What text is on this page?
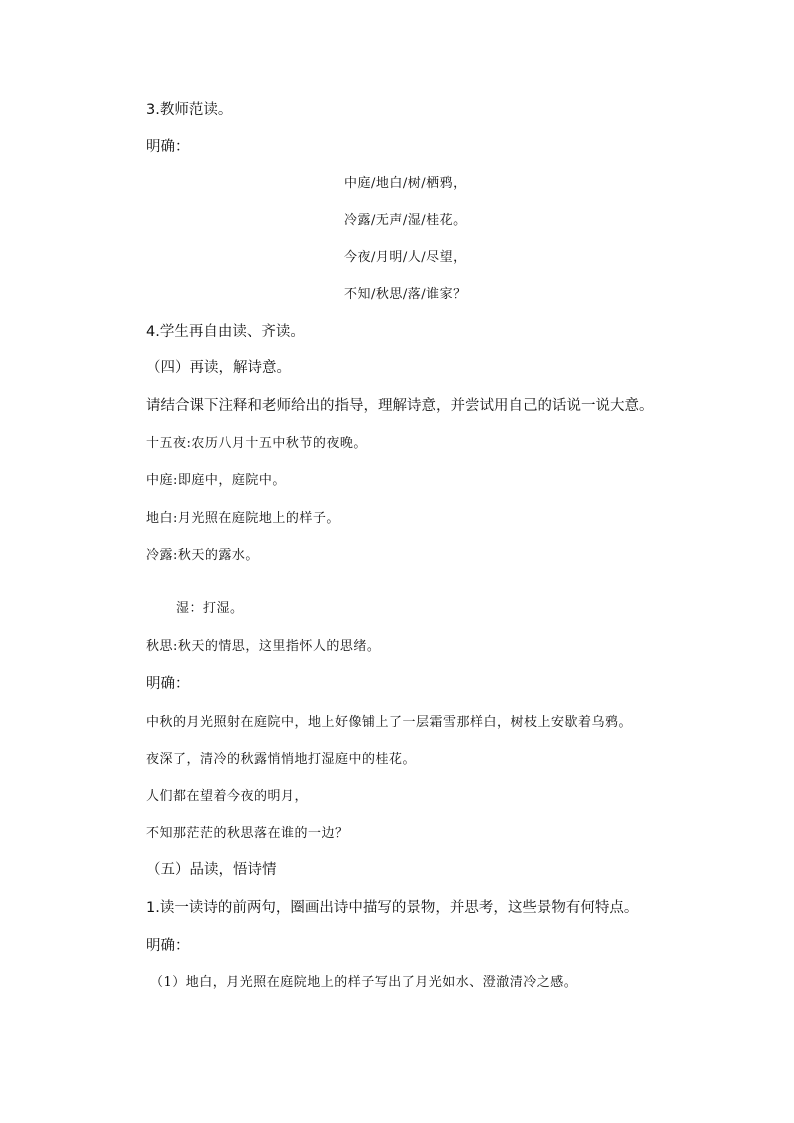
3.教师范读。
明确：
中庭/地白/树/栖鸦，
冷露/无声/湿/桂花。
今夜/月明/人/尽望，
不知/秋思/落/谁家？
4.学生再自由读、齐读。
（四）再读，解诗意。
请结合课下注释和老师给出的指导，理解诗意，并尝试用自己的话说一说大意。
十五夜:农历八月十五中秋节的夜晚。
中庭:即庭中，庭院中。
地白:月光照在庭院地上的样子。
冷露:秋天的露水。
湿：打湿。
秋思:秋天的情思，这里指怀人的思绪。
明确：
中秋的月光照射在庭院中，地上好像铺上了一层霜雪那样白，树枝上安歇着乌鸦。
夜深了，清冷的秋露悄悄地打湿庭中的桂花。
人们都在望着今夜的明月，
不知那茫茫的秋思落在谁的一边？
（五）品读，悟诗情
1.读一读诗的前两句，圈画出诗中描写的景物，并思考，这些景物有何特点。
明确：
（1）地白，月光照在庭院地上的样子写出了月光如水、澄澈清冷之感。
